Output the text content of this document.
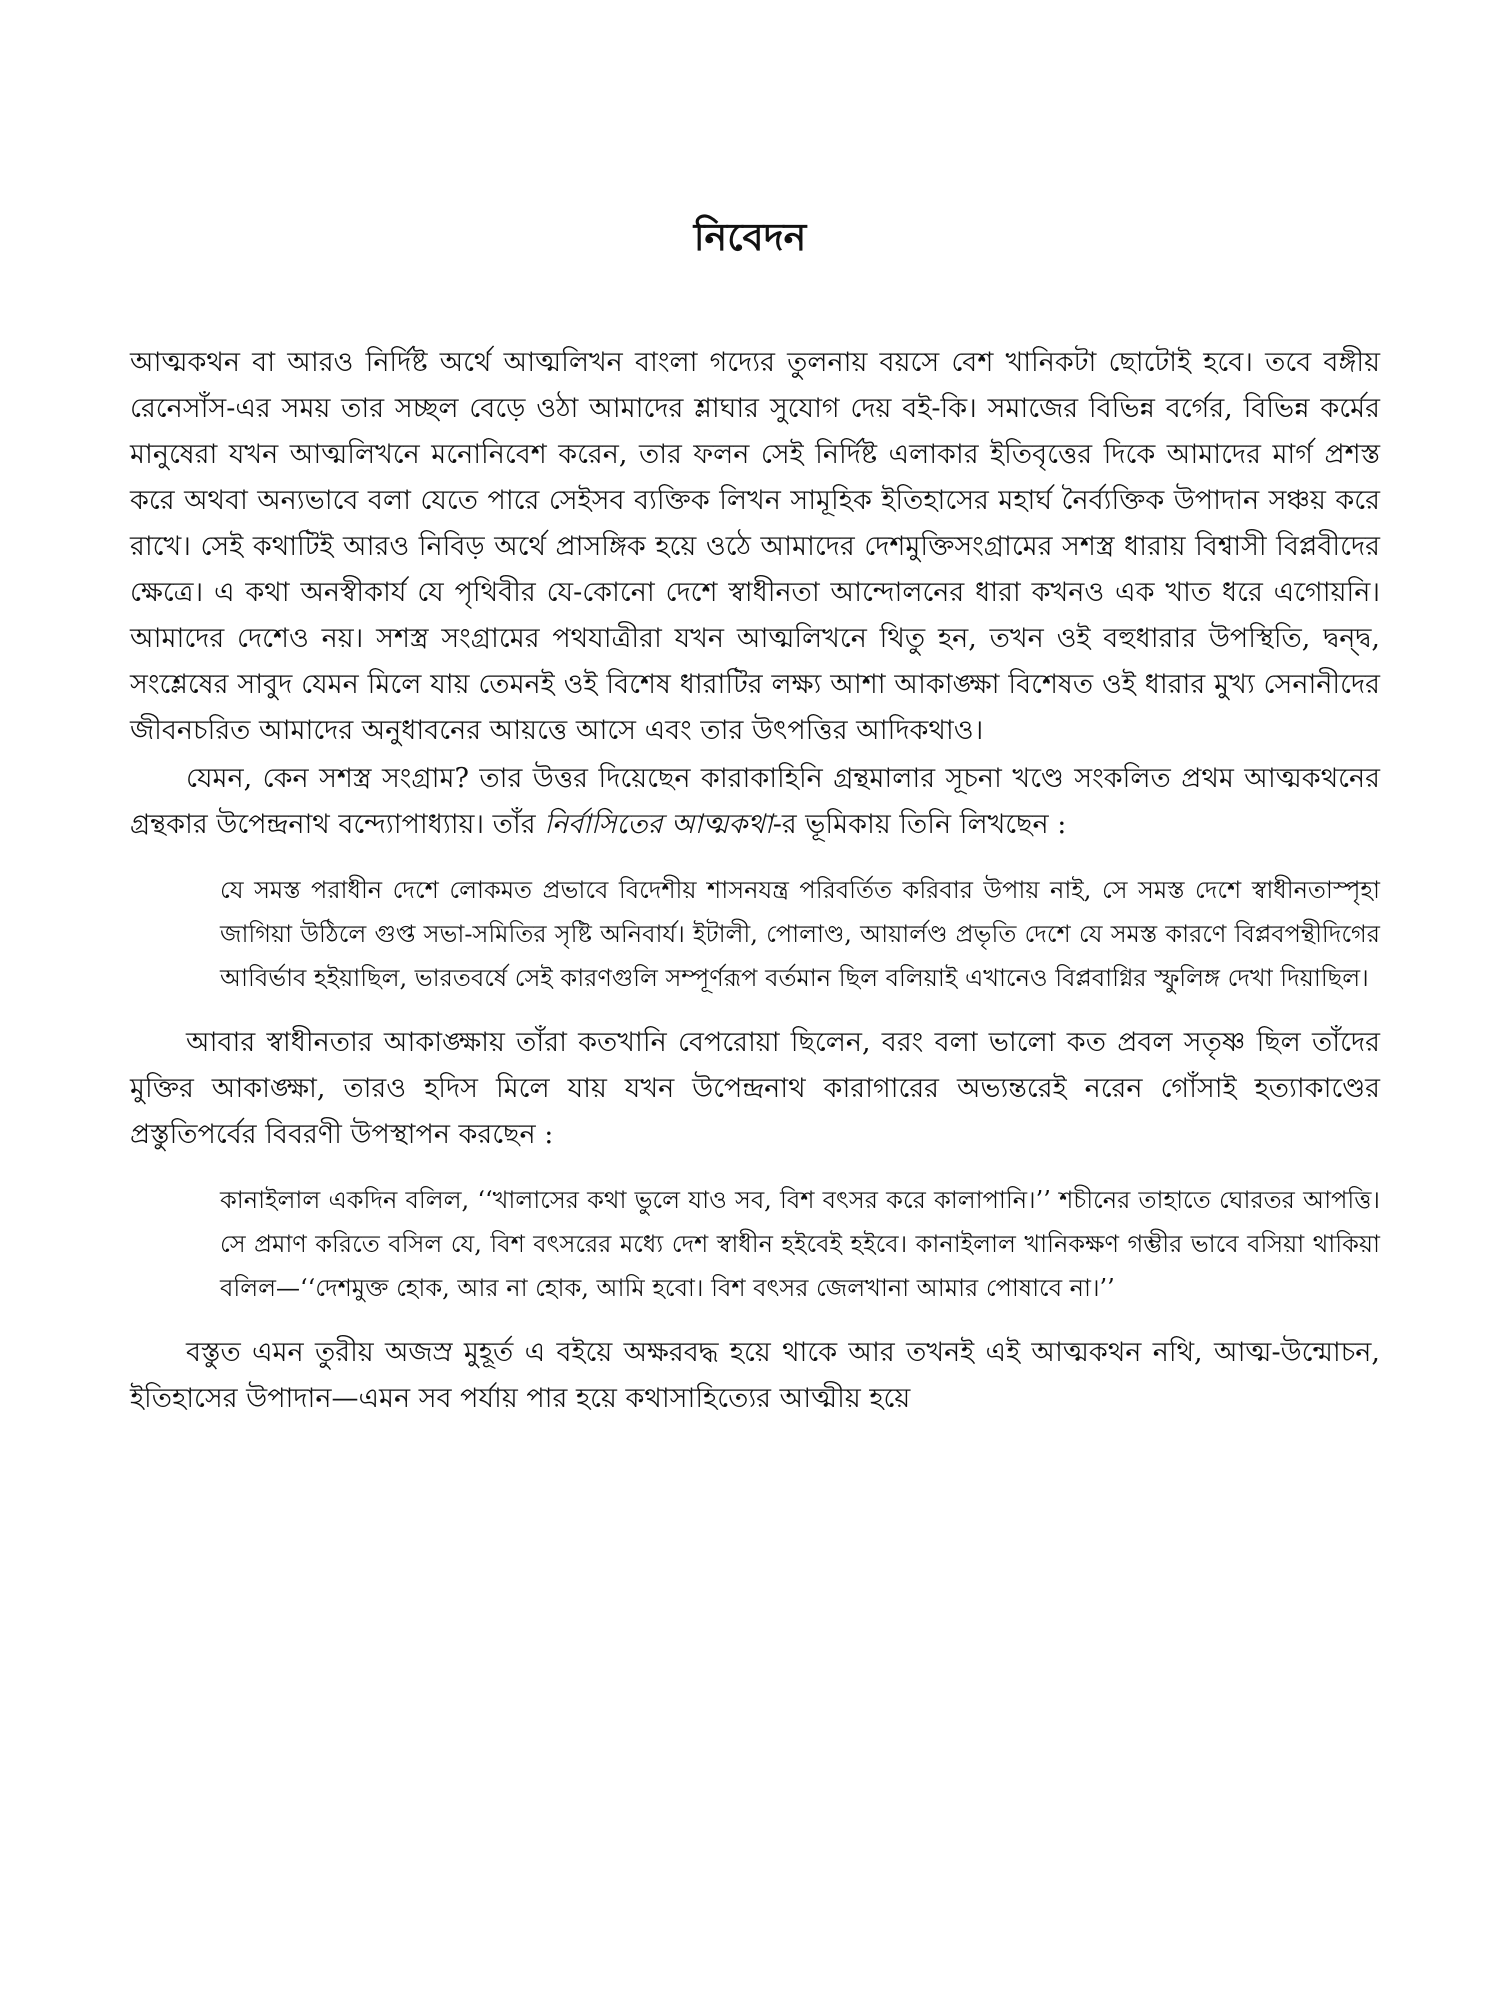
নিবেদন

আত্মকথন বা আরও নির্দিষ্ট অর্থে আত্মলিখন বাংলা গদ্যের তুলনায় বয়সে বেশ খানিকটা ছোটোই হবে। তবে বঙ্গীয় রেনেসাঁস-এর সময় তার সচ্ছল বেড়ে ওঠা আমাদের শ্লাঘার সুযোগ দেয় বই-কি। সমাজের বিভিন্ন বর্গের, বিভিন্ন কর্মের মানুষেরা যখন আত্মলিখনে মনোনিবেশ করেন, তার ফলন সেই নির্দিষ্ট এলাকার ইতিবৃত্তের দিকে আমাদের মার্গ প্রশস্ত করে অথবা অন্যভাবে বলা যেতে পারে সেইসব ব্যক্তিক লিখন সামূহিক ইতিহাসের মহার্ঘ নৈর্ব্যক্তিক উপাদান সঞ্চয় করে রাখে। সেই কথাটিই আরও নিবিড় অর্থে প্রাসঙ্গিক হয়ে ওঠে আমাদের দেশমুক্তিসংগ্রামের সশস্ত্র ধারায় বিশ্বাসী বিপ্লবীদের ক্ষেত্রে। এ কথা অনস্বীকার্য যে পৃথিবীর যে-কোনো দেশে স্বাধীনতা আন্দোলনের ধারা কখনও এক খাত ধরে এগোয়নি। আমাদের দেশেও নয়। সশস্ত্র সংগ্রামের পথযাত্রীরা যখন আত্মলিখনে থিতু হন, তখন ওই বহুধারার উপস্থিতি, দ্বন্দ্ব, সংশ্লেষের সাবুদ যেমন মিলে যায় তেমনই ওই বিশেষ ধারাটির লক্ষ্য আশা আকাঙ্ক্ষা বিশেষত ওই ধারার মুখ্য সেনানীদের জীবনচরিত আমাদের অনুধাবনের আয়ত্তে আসে এবং তার উৎপত্তির আদিকথাও।

যেমন, কেন সশস্ত্র সংগ্রাম? তার উত্তর দিয়েছেন কারাকাহিনি গ্রন্থমালার সূচনা খণ্ডে সংকলিত প্রথম আত্মকথনের গ্রন্থকার উপেন্দ্রনাথ বন্দ্যোপাধ্যায়। তাঁর নির্বাসিতের আত্মকথা-র ভূমিকায় তিনি লিখছেন :

যে সমস্ত পরাধীন দেশে লোকমত প্রভাবে বিদেশীয় শাসনযন্ত্র পরিবর্তিত করিবার উপায় নাই, সে সমস্ত দেশে স্বাধীনতাস্পৃহা জাগিয়া উঠিলে গুপ্ত সভা-সমিতির সৃষ্টি অনিবার্য। ইটালী, পোলাণ্ড, আয়ার্লণ্ড প্রভৃতি দেশে যে সমস্ত কারণে বিপ্লবপন্থীদিগের আবির্ভাব হইয়াছিল, ভারতবর্ষে সেই কারণগুলি সম্পূর্ণরূপ বর্তমান ছিল বলিয়াই এখানেও বিপ্লবাগ্নির স্ফুলিঙ্গ দেখা দিয়াছিল।

আবার স্বাধীনতার আকাঙ্ক্ষায় তাঁরা কতখানি বেপরোয়া ছিলেন, বরং বলা ভালো কত প্রবল সতৃষ্ণ ছিল তাঁদের মুক্তির আকাঙ্ক্ষা, তারও হদিস মিলে যায় যখন উপেন্দ্রনাথ কারাগারের অভ্যন্তরেই নরেন গোঁসাই হত্যাকাণ্ডের প্রস্তুতিপর্বের বিবরণী উপস্থাপন করছেন :

কানাইলাল একদিন বলিল, ‘‘খালাসের কথা ভুলে যাও সব, বিশ বৎসর করে কালাপানি।’’ শচীনের তাহাতে ঘোরতর আপত্তি। সে প্রমাণ করিতে বসিল যে, বিশ বৎসরের মধ্যে দেশ স্বাধীন হইবেই হইবে। কানাইলাল খানিকক্ষণ গম্ভীর ভাবে বসিয়া থাকিয়া বলিল—‘‘দেশমুক্ত হোক, আর না হোক, আমি হবো। বিশ বৎসর জেলখানা আমার পোষাবে না।’’

বস্তুত এমন তুরীয় অজস্র মুহূর্ত এ বইয়ে অক্ষরবদ্ধ হয়ে থাকে আর তখনই এই আত্মকথন নথি, আত্ম-উন্মোচন, ইতিহাসের উপাদান—এমন সব পর্যায় পার হয়ে কথাসাহিত্যের আত্মীয় হয়ে
